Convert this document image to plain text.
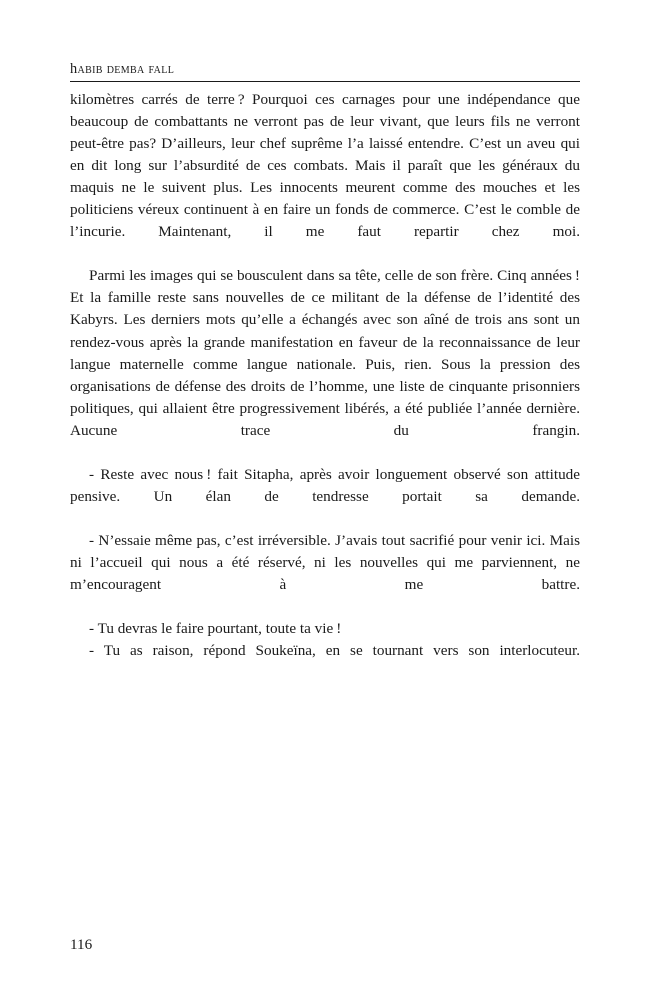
habib demba fall

kilomètres carrés de terre ? Pourquoi ces carnages pour une indépendance que beaucoup de combattants ne verront pas de leur vivant, que leurs fils ne verront peut-être pas? D’ailleurs, leur chef suprême l’a laissé entendre. C’est un aveu qui en dit long sur l’absurdité de ces combats. Mais il paraît que les généraux du maquis ne le suivent plus. Les innocents meurent comme des mouches et les politiciens véreux continuent à en faire un fonds de commerce. C’est le comble de l’incurie. Maintenant, il me faut repartir chez moi.

Parmi les images qui se bousculent dans sa tête, celle de son frère. Cinq années ! Et la famille reste sans nouvelles de ce militant de la défense de l’identité des Kabyrs. Les derniers mots qu’elle a échangés avec son aîné de trois ans sont un rendez-vous après la grande manifestation en faveur de la reconnaissance de leur langue maternelle comme langue nationale. Puis, rien. Sous la pression des organisations de défense des droits de l’homme, une liste de cinquante prisonniers politiques, qui allaient être progressivement libérés, a été publiée l’année dernière. Aucune trace du frangin.

- Reste avec nous ! fait Sitapha, après avoir longuement observé son attitude pensive. Un élan de tendresse portait sa demande.

- N’essaie même pas, c’est irréversible. J’avais tout sacrifié pour venir ici. Mais ni l’accueil qui nous a été réservé, ni les nouvelles qui me parviennent, ne m’encouragent à me battre.

- Tu devras le faire pourtant, toute ta vie !

- Tu as raison, répond Soukeïna, en se tournant vers son interlocuteur.

116
